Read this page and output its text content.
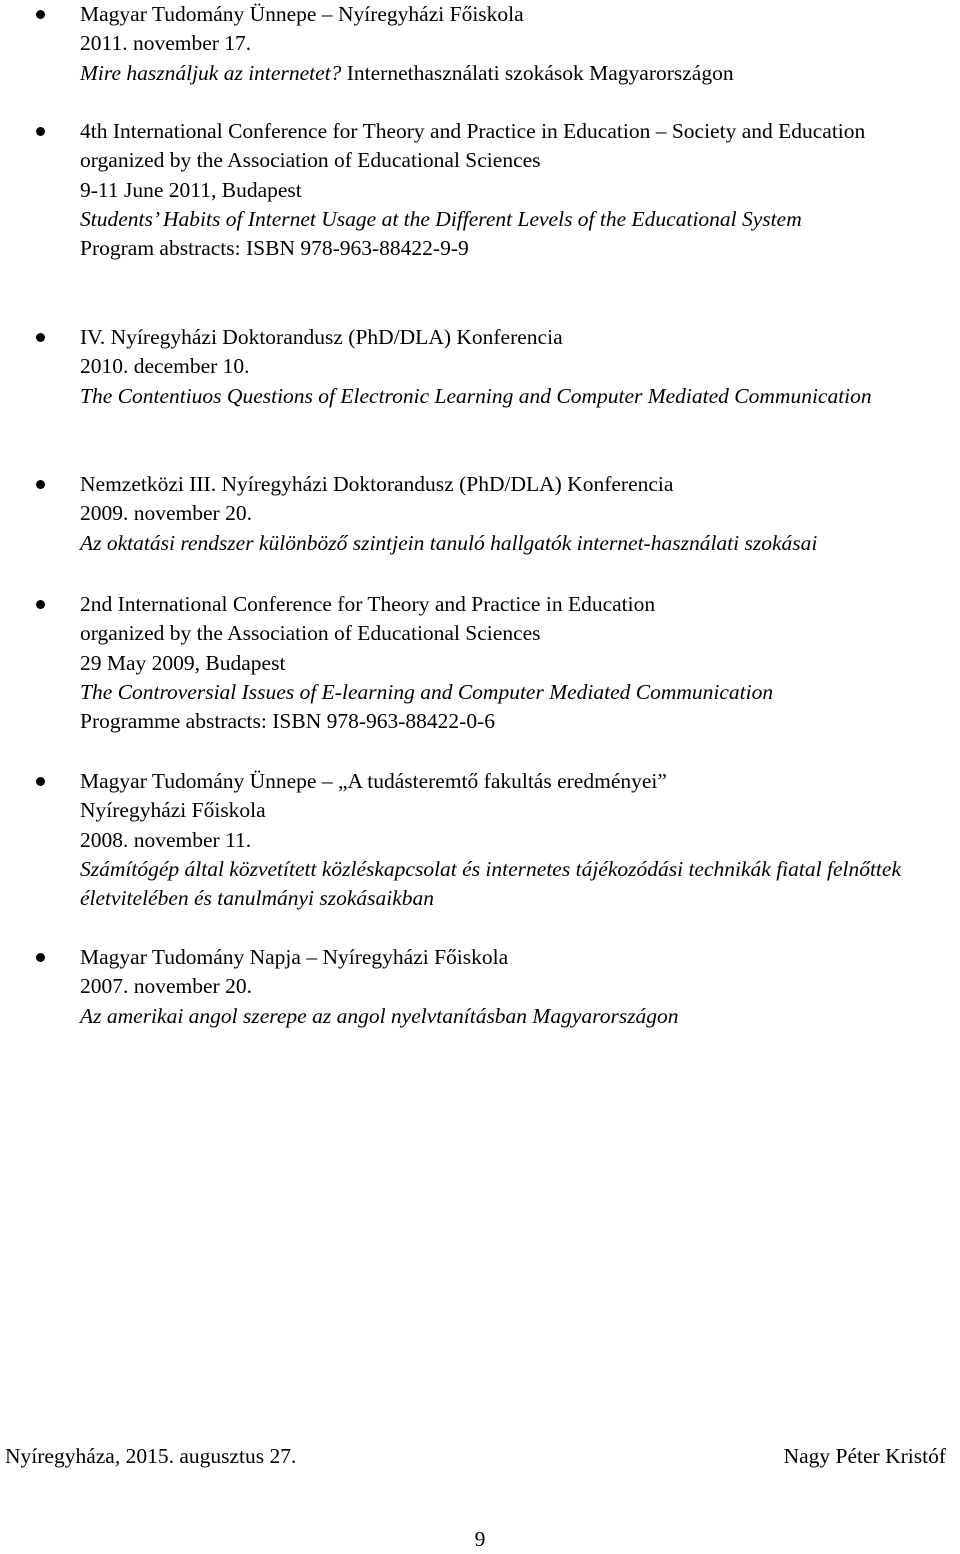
Magyar Tudomány Ünnepe – Nyíregyházi Főiskola
2011. november 17.
Mire használjuk az internetet? Internethasználati szokások Magyarországon
4th International Conference for Theory and Practice in Education – Society and Education
organized by the Association of Educational Sciences
9-11 June 2011, Budapest
Students’ Habits of Internet Usage at the Different Levels of the Educational System
Program abstracts: ISBN 978-963-88422-9-9
IV. Nyíregyházi Doktorandusz (PhD/DLA) Konferencia
2010. december 10.
The Contentiuos Questions of Electronic Learning and Computer Mediated Communication
Nemzetközi III. Nyíregyházi Doktorandusz (PhD/DLA) Konferencia
2009. november 20.
Az oktatási rendszer különböző szintjein tanuló hallgatók internet-használati szokásai
2nd International Conference for Theory and Practice in Education
organized by the Association of Educational Sciences
29 May 2009, Budapest
The Controversial Issues of E-learning and Computer Mediated Communication
Programme abstracts: ISBN 978-963-88422-0-6
Magyar Tudomány Ünnepe – „A tudásteremtő fakultás eredményei”
Nyíregyházi Főiskola
2008. november 11.
Számítógép által közvetített közléskapcsolat és internetes tájékozódási technikák fiatal felnőttek életvitelében és tanulmányi szokásaikban
Magyar Tudomány Napja – Nyíregyházi Főiskola
2007. november 20.
Az amerikai angol szerepe az angol nyelvtanításban Magyarországon
Nyíregyháza, 2015. augusztus 27.	Nagy Péter Kristóf
9
